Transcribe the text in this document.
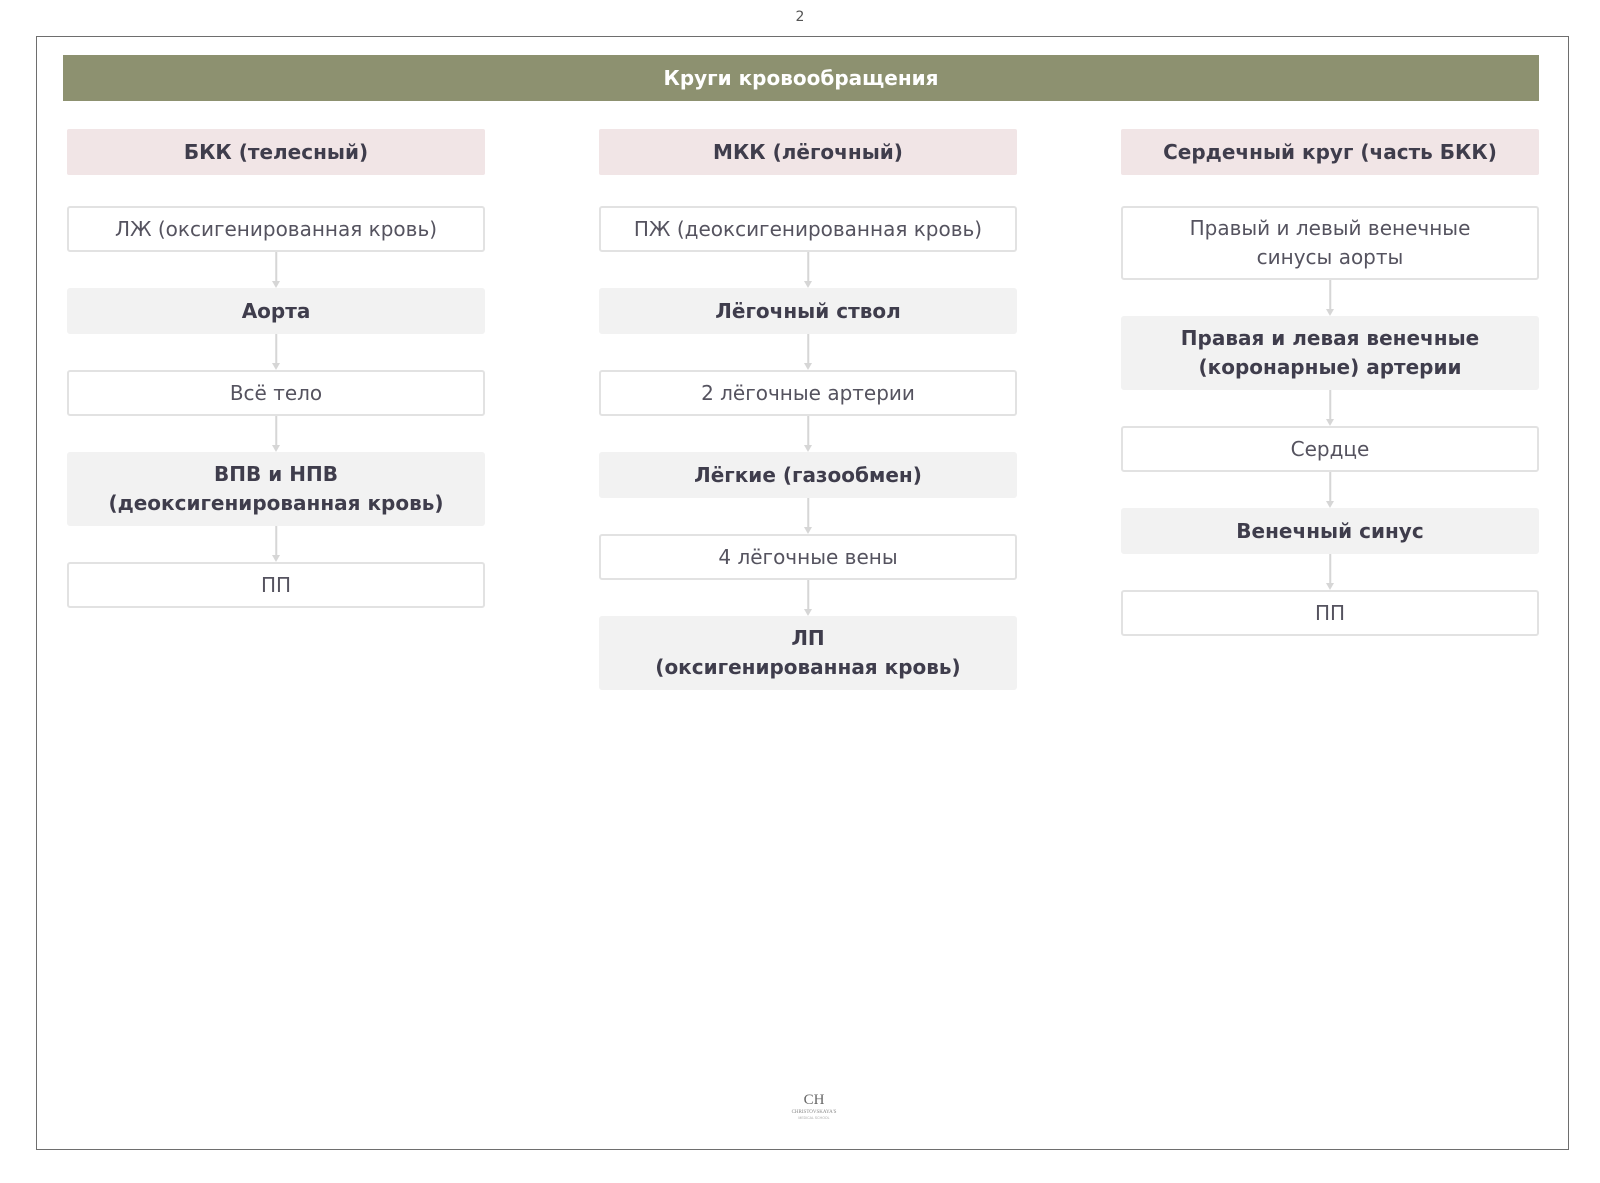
2
Круги кровообращения
БКК (телесный)
ЛЖ (оксигенированная кровь)
Аорта
Всё тело
ВПВ и НПВ
(деоксигенированная кровь)
ПП
МКК (лёгочный)
ПЖ (деоксигенированная кровь)
Лёгочный ствол
2 лёгочные артерии
Лёгкие (газообмен)
4 лёгочные вены
ЛП
(оксигенированная кровь)
Сердечный круг (часть БКК)
Правый и левый венечные
синусы аорты
Правая и левая венечные
(коронарные) артерии
Сердце
Венечный синус
ПП
CH
CHRISTOVSKAYA'S
MEDICAL SCHOOL
